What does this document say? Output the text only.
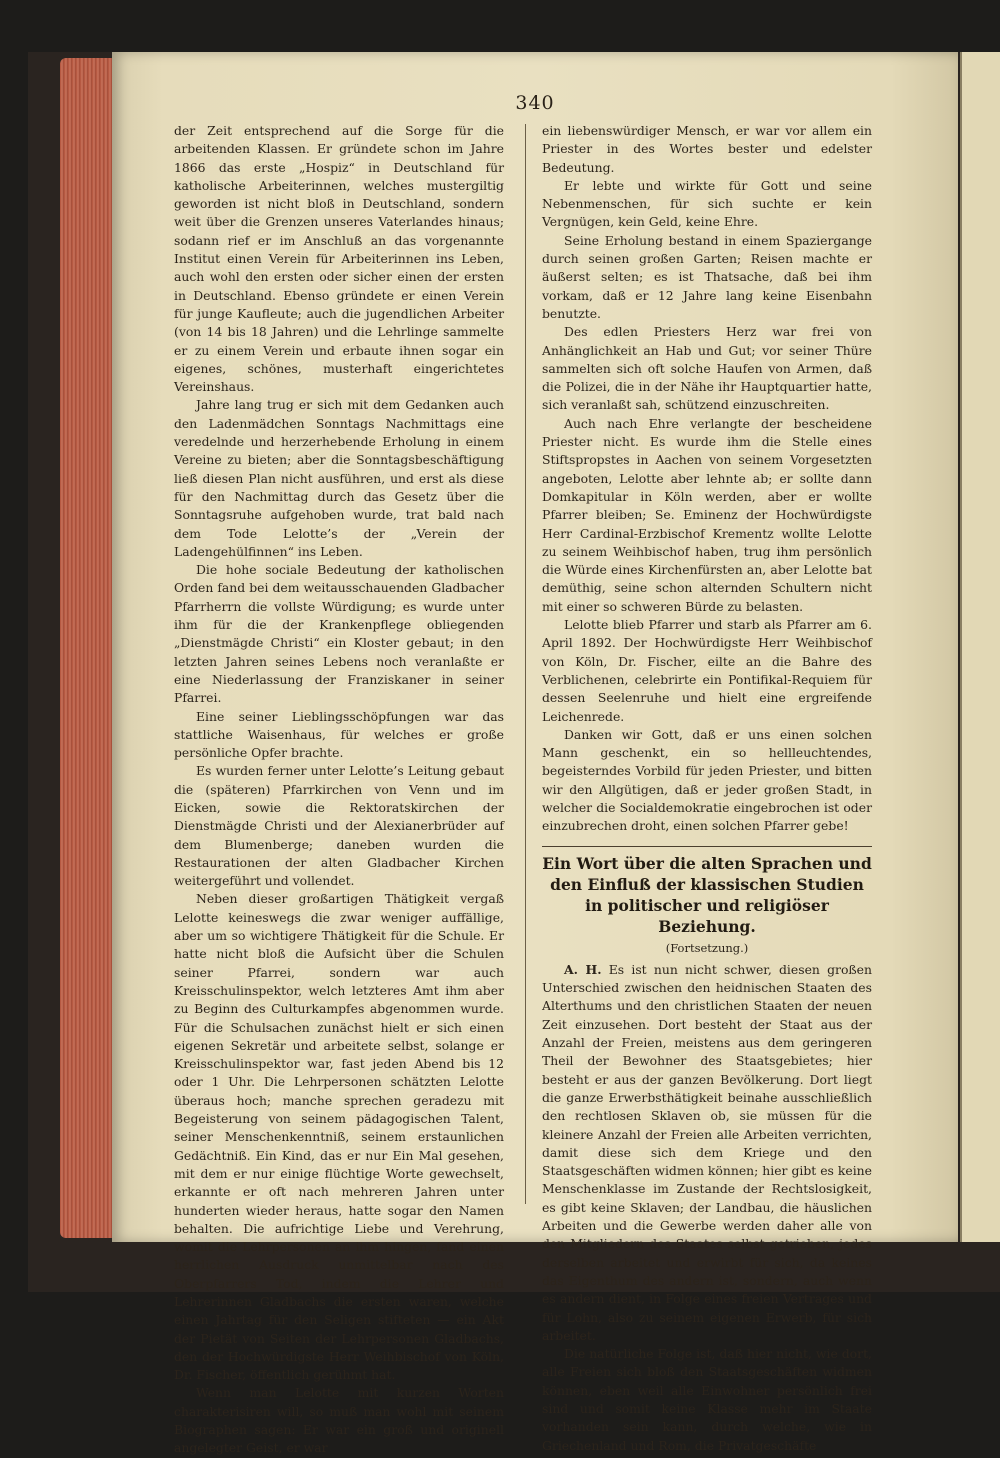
340

der Zeit entsprechend auf die Sorge für die arbeitenden Klassen. Er gründete schon im Jahre 1866 das erste „Hospiz“ in Deutschland für katholische Arbeiterinnen, welches mustergiltig geworden ist nicht bloß in Deutschland, sondern weit über die Grenzen unseres Vaterlandes hinaus; sodann rief er im Anschluß an das vorgenannte Institut einen Verein für Arbeiterinnen ins Leben, auch wohl den ersten oder sicher einen der ersten in Deutschland. Ebenso gründete er einen Verein für junge Kaufleute; auch die jugendlichen Arbeiter (von 14 bis 18 Jahren) und die Lehrlinge sammelte er zu einem Verein und erbaute ihnen sogar ein eigenes, schönes, musterhaft eingerichtetes Vereinshaus.

Jahre lang trug er sich mit dem Gedanken auch den Ladenmädchen Sonntags Nachmittags eine veredelnde und herzerhebende Erholung in einem Vereine zu bieten; aber die Sonntagsbeschäftigung ließ diesen Plan nicht ausführen, und erst als diese für den Nachmittag durch das Gesetz über die Sonntagsruhe aufgehoben wurde, trat bald nach dem Tode Lelotte’s der „Verein der Ladengehülfinnen“ ins Leben.

Die hohe sociale Bedeutung der katholischen Orden fand bei dem weitausschauenden Gladbacher Pfarrherrn die vollste Würdigung; es wurde unter ihm für die der Krankenpflege obliegenden „Dienstmägde Christi“ ein Kloster gebaut; in den letzten Jahren seines Lebens noch veranlaßte er eine Niederlassung der Franziskaner in seiner Pfarrei.

Eine seiner Lieblingsschöpfungen war das stattliche Waisenhaus, für welches er große persönliche Opfer brachte.

Es wurden ferner unter Lelotte’s Leitung gebaut die (späteren) Pfarrkirchen von Venn und im Eicken, sowie die Rektoratskirchen der Dienstmägde Christi und der Alexianerbrüder auf dem Blumenberge; daneben wurden die Restaurationen der alten Gladbacher Kirchen weitergeführt und vollendet.

Neben dieser großartigen Thätigkeit vergaß Lelotte keineswegs die zwar weniger auffällige, aber um so wichtigere Thätigkeit für die Schule. Er hatte nicht bloß die Aufsicht über die Schulen seiner Pfarrei, sondern war auch Kreisschulinspektor, welch letzteres Amt ihm aber zu Beginn des Culturkampfes abgenommen wurde. Für die Schulsachen zunächst hielt er sich einen eigenen Sekretär und arbeitete selbst, solange er Kreisschulinspektor war, fast jeden Abend bis 12 oder 1 Uhr. Die Lehrpersonen schätzten Lelotte überaus hoch; manche sprechen geradezu mit Begeisterung von seinem pädagogischen Talent, seiner Menschenkenntniß, seinem erstaunlichen Gedächtniß. Ein Kind, das er nur Ein Mal gesehen, mit dem er nur einige flüchtige Worte gewechselt, erkannte er oft nach mehreren Jahren unter hunderten wieder heraus, hatte sogar den Namen behalten. Die aufrichtige Liebe und Verehrung, womit die Lehrpersonen an ihm hingen, fand einen herrlichen Ausdruck unmittelbar nach des Oberpfarrers Tod, indem die Lehrer und Lehrerinnen Gladbachs die ersten waren, welche einen Jahrtag für den Seligen stifteten — ein Akt der Pietät von Seiten der Lehrpersonen Gladbachs, den der Hochwürdigste Herr Weihbischof von Köln, Dr. Fischer, öffentlich gerühmt hat.

Wenn man Lelotte mit kurzen Worten charakterisiren will, so muß man wohl mit seinem Biographen sagen: Er war ein groß und originell angelegter Geist, er war

ein liebenswürdiger Mensch, er war vor allem ein Priester in des Wortes bester und edelster Bedeutung.

Er lebte und wirkte für Gott und seine Nebenmenschen, für sich suchte er kein Vergnügen, kein Geld, keine Ehre.

Seine Erholung bestand in einem Spaziergange durch seinen großen Garten; Reisen machte er äußerst selten; es ist Thatsache, daß bei ihm vorkam, daß er 12 Jahre lang keine Eisenbahn benutzte.

Des edlen Priesters Herz war frei von Anhänglichkeit an Hab und Gut; vor seiner Thüre sammelten sich oft solche Haufen von Armen, daß die Polizei, die in der Nähe ihr Hauptquartier hatte, sich veranlaßt sah, schützend einzuschreiten.

Auch nach Ehre verlangte der bescheidene Priester nicht. Es wurde ihm die Stelle eines Stiftspropstes in Aachen von seinem Vorgesetzten angeboten, Lelotte aber lehnte ab; er sollte dann Domkapitular in Köln werden, aber er wollte Pfarrer bleiben; Se. Eminenz der Hochwürdigste Herr Cardinal-Erzbischof Krementz wollte Lelotte zu seinem Weihbischof haben, trug ihm persönlich die Würde eines Kirchenfürsten an, aber Lelotte bat demüthig, seine schon alternden Schultern nicht mit einer so schweren Bürde zu belasten.

Lelotte blieb Pfarrer und starb als Pfarrer am 6. April 1892. Der Hochwürdigste Herr Weihbischof von Köln, Dr. Fischer, eilte an die Bahre des Verblichenen, celebrirte ein Pontifikal-Requiem für dessen Seelenruhe und hielt eine ergreifende Leichenrede.

Danken wir Gott, daß er uns einen solchen Mann geschenkt, ein so hellleuchtendes, begeisterndes Vorbild für jeden Priester, und bitten wir den Allgütigen, daß er jeder großen Stadt, in welcher die Socialdemokratie eingebrochen ist oder einzubrechen droht, einen solchen Pfarrer gebe!

Ein Wort über die alten Sprachen und den Einfluß der klassischen Studien in politischer und religiöser Beziehung.
(Fortsetzung.)

A. H. Es ist nun nicht schwer, diesen großen Unterschied zwischen den heidnischen Staaten des Alterthums und den christlichen Staaten der neuen Zeit einzusehen. Dort besteht der Staat aus der Anzahl der Freien, meistens aus dem geringeren Theil der Bewohner des Staatsgebietes; hier besteht er aus der ganzen Bevölkerung. Dort liegt die ganze Erwerbsthätigkeit beinahe ausschließlich den rechtlosen Sklaven ob, sie müssen für die kleinere Anzahl der Freien alle Arbeiten verrichten, damit diese sich dem Kriege und den Staatsgeschäften widmen können; hier gibt es keine Menschenklasse im Zustande der Rechtslosigkeit, es gibt keine Sklaven; der Landbau, die häuslichen Arbeiten und die Gewerbe werden daher alle von den Mitgliedern des Staates selbst getrieben, jedes derselben arbeitet und erwirbt für sich, da keines das Eigenthum des andern ist, sondern, auch wenn es andern dient, in Folge eines freien Vertrages und für Lohn, also zu seinem eigenen Erwerb, für sich arbeitet.

Die natürliche Folge ist, daß hier nicht, wie dort, alle Freien sich bloß den Staatsgeschäften widmen können, eben weil alle Einwohner persönlich frei sind und somit keine Klasse mehr im Staate vorhanden sein kann, durch welche, wie in Griechenland und Rom, die Privatgeschäfte
